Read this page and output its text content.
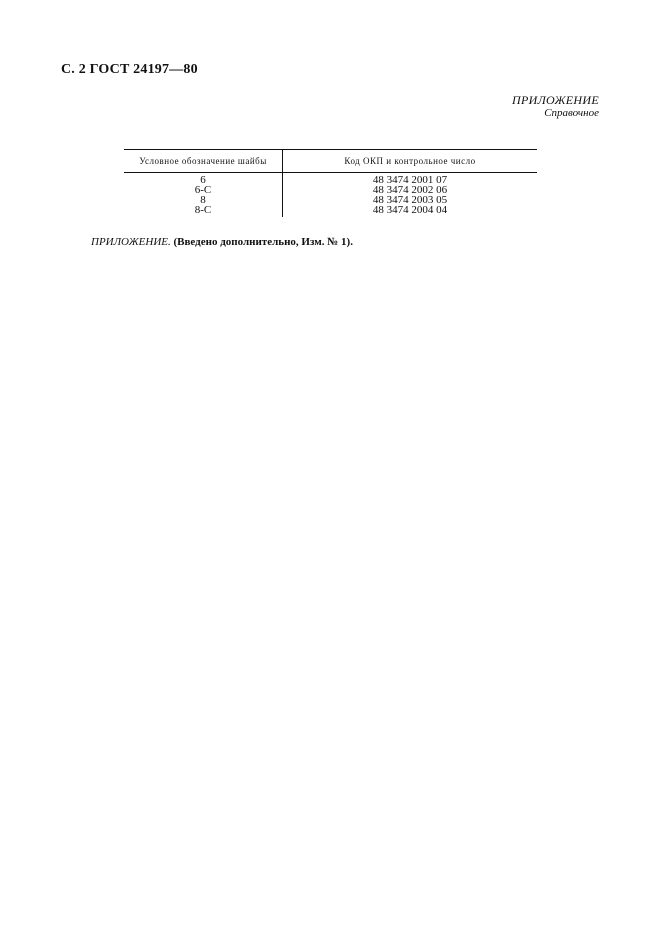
С. 2 ГОСТ 24197—80
ПРИЛОЖЕНИЕ
Справочное
Условное обозначение шайбы	Код ОКП и контрольное число
6	48 3474 2001 07
6-С	48 3474 2002 06
8	48 3474 2003 05
8-С	48 3474 2004 04
ПРИЛОЖЕНИЕ. (Введено дополнительно, Изм. № 1).
